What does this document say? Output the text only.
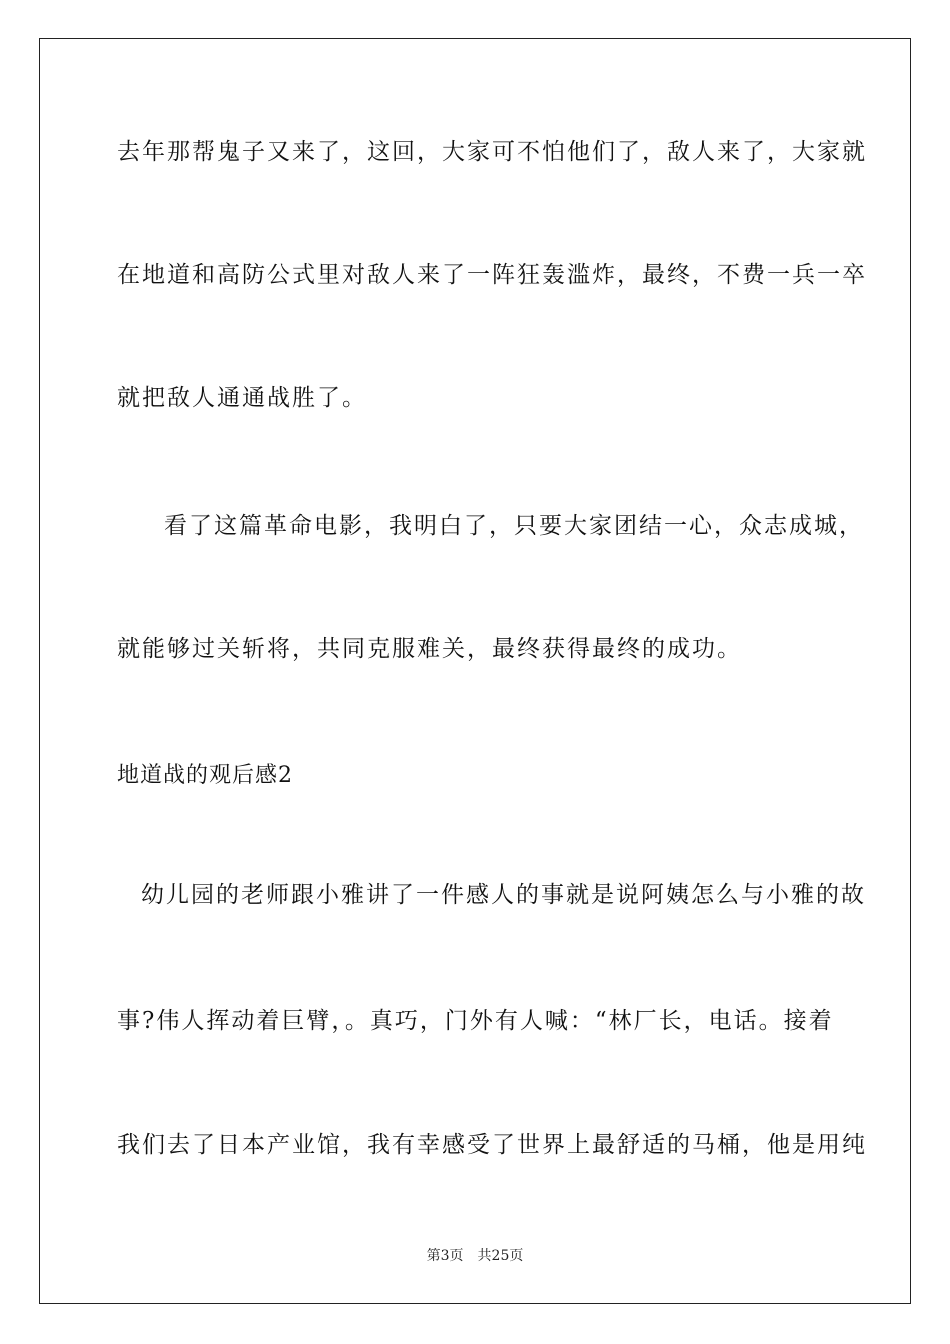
去年那帮鬼子又来了，这回，大家可不怕他们了，敌人来了，大家就
在地道和高防公式里对敌人来了一阵狂轰滥炸，最终，不费一兵一卒
就把敌人通通战胜了。
看了这篇革命电影，我明白了，只要大家团结一心，众志成城，
就能够过关斩将，共同克服难关，最终获得最终的成功。
地道战的观后感2
幼儿园的老师跟小雅讲了一件感人的事就是说阿姨怎么与小雅的故
事?伟人挥动着巨臂，。真巧，门外有人喊：“林厂长，电话。接着
我们去了日本产业馆，我有幸感受了世界上最舒适的马桶，他是用纯
第3页　共25页
